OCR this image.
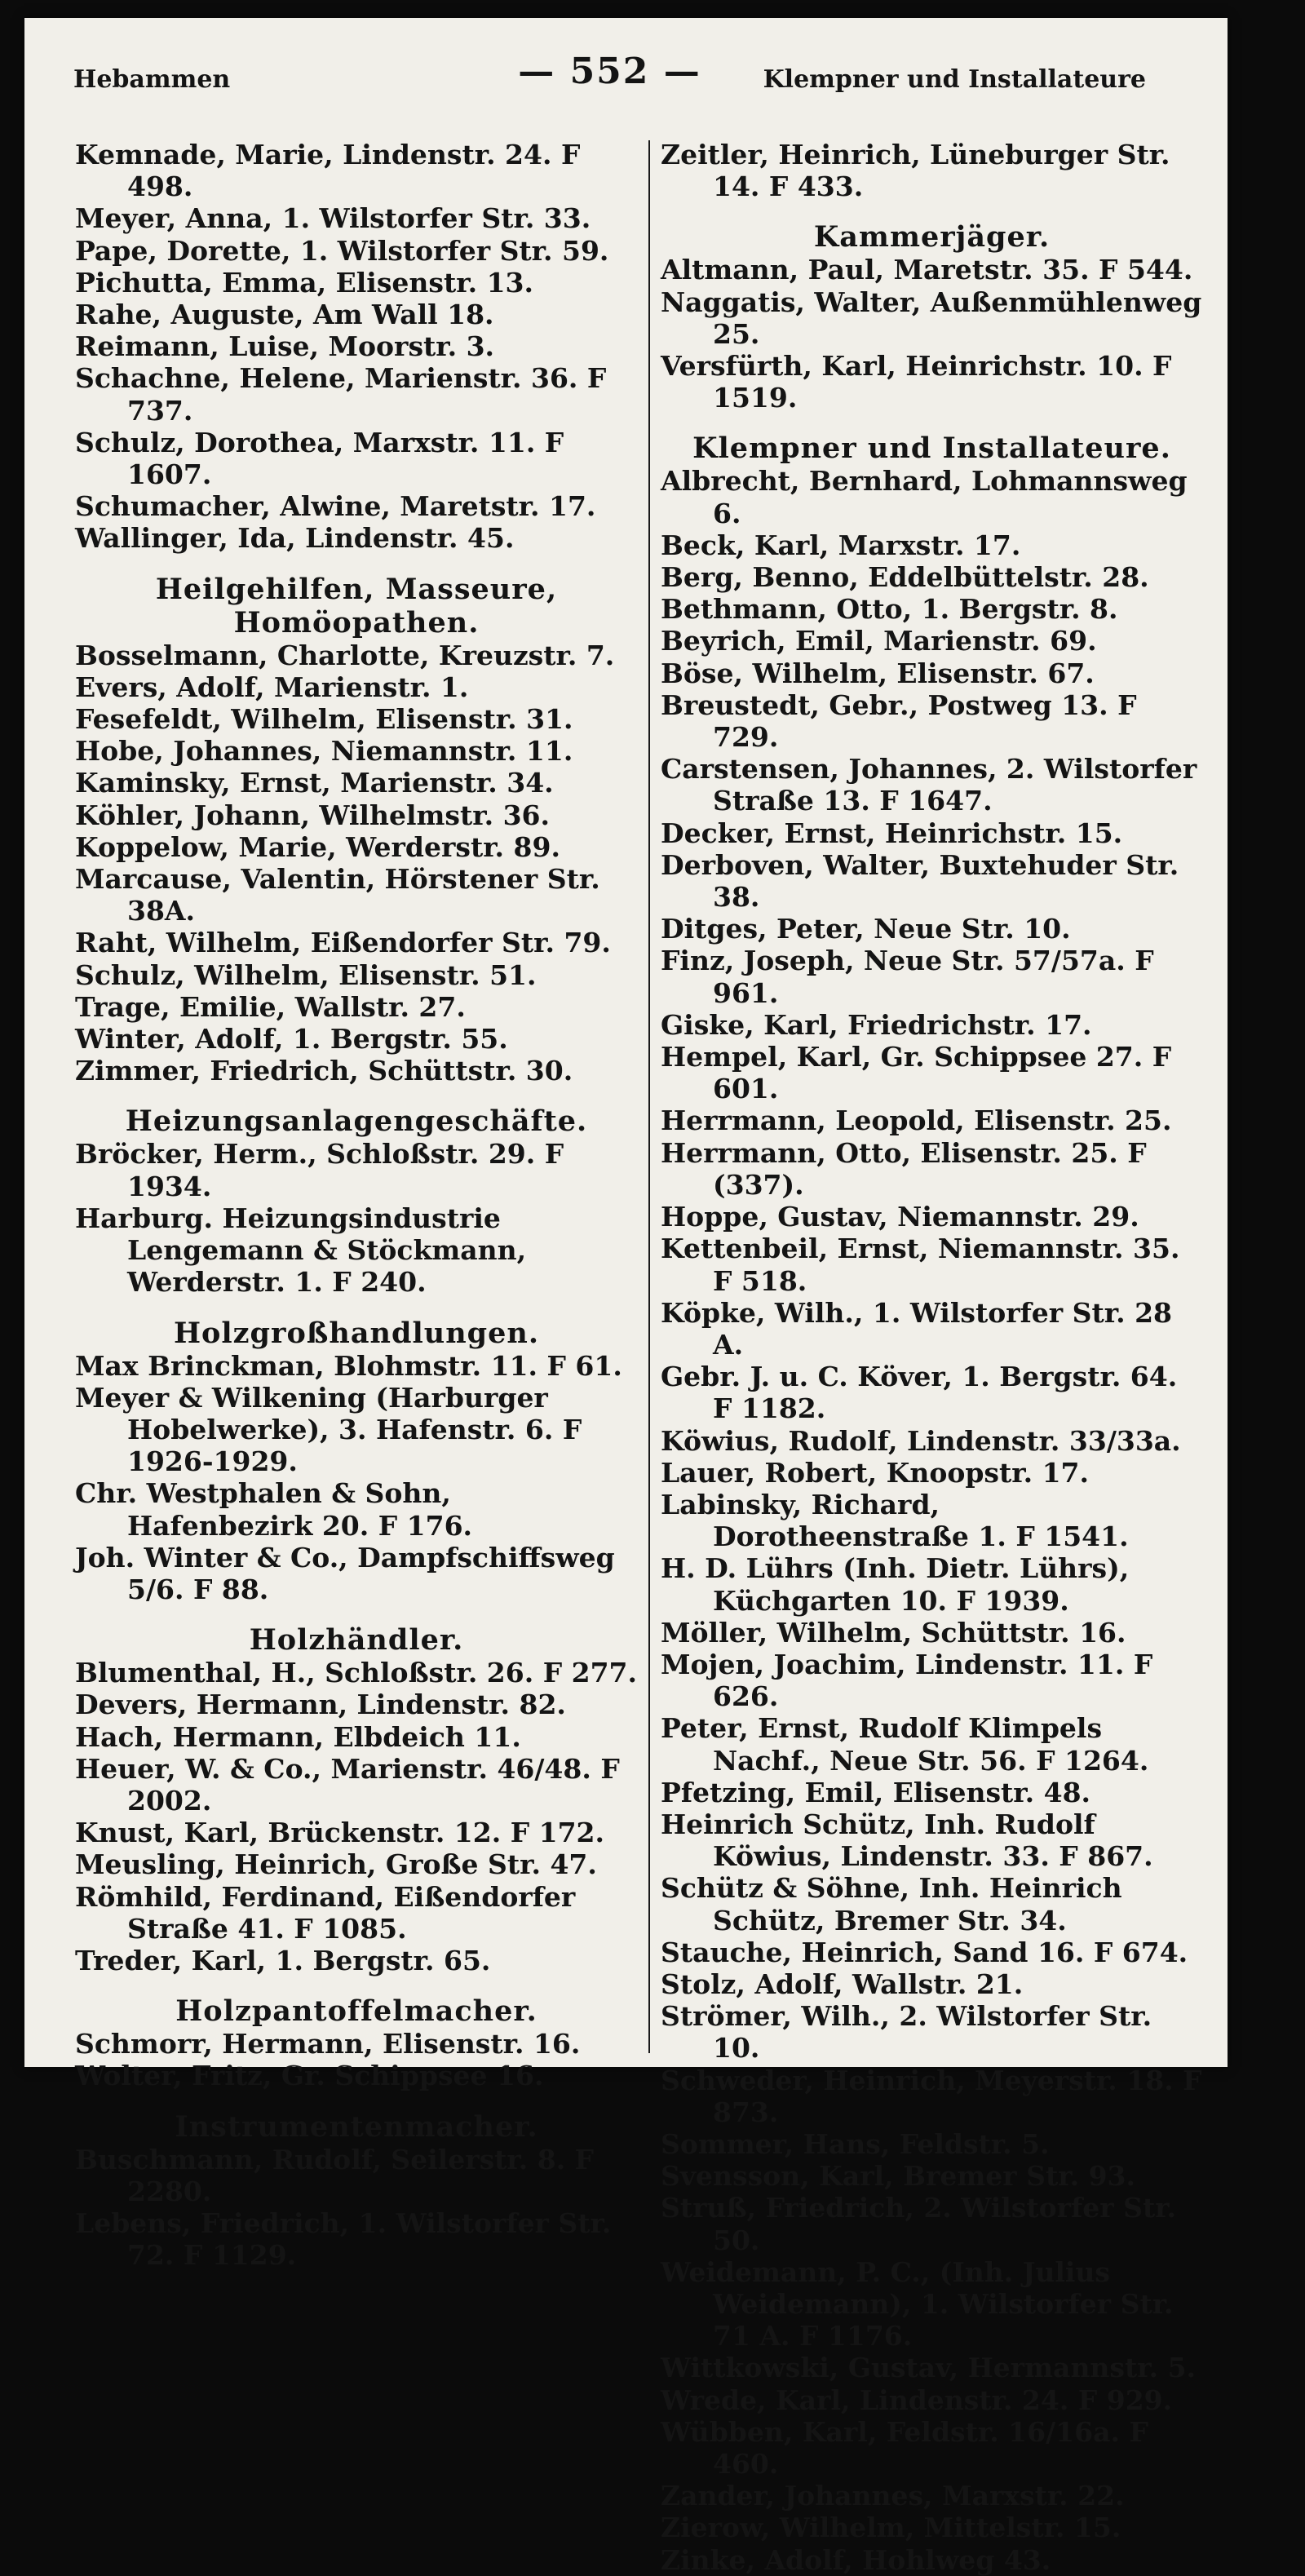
Hebammen	— 552 —	Klempner und Installateure
Kemnade, Marie, Lindenstr. 24. F 498.
Meyer, Anna, 1. Wilstorfer Str. 33.
Pape, Dorette, 1. Wilstorfer Str. 59.
Pichutta, Emma, Elisenstr. 13.
Rahe, Auguste, Am Wall 18.
Reimann, Luise, Moorstr. 3.
Schachne, Helene, Marienstr. 36. F 737.
Schulz, Dorothea, Marxstr. 11. F 1607.
Schumacher, Alwine, Maretstr. 17.
Wallinger, Ida, Lindenstr. 45.
Heilgehilfen, Masseure, Homöopathen.
Bosselmann, Charlotte, Kreuzstr. 7.
Evers, Adolf, Marienstr. 1.
Fesefeldt, Wilhelm, Elisenstr. 31.
Hobe, Johannes, Niemannstr. 11.
Kaminsky, Ernst, Marienstr. 34.
Köhler, Johann, Wilhelmstr. 36.
Koppelow, Marie, Werderstr. 89.
Marcause, Valentin, Hörstener Str. 38A.
Raht, Wilhelm, Eißendorfer Str. 79.
Schulz, Wilhelm, Elisenstr. 51.
Trage, Emilie, Wallstr. 27.
Winter, Adolf, 1. Bergstr. 55.
Zimmer, Friedrich, Schüttstr. 30.
Heizungsanlagengeschäfte.
Bröcker, Herm., Schloßstr. 29. F 1934.
Harburg. Heizungsindustrie Lengemann & Stöckmann, Werderstr. 1. F 240.
Holzgroßhandlungen.
Max Brinckman, Blohmstr. 11. F 61.
Meyer & Wilkening (Harburger Hobelwerke), 3. Hafenstr. 6. F 1926-1929.
Chr. Westphalen & Sohn, Hafenbezirk 20. F 176.
Joh. Winter & Co., Dampfschiffsweg 5/6. F 88.
Holzhändler.
Blumenthal, H., Schloßstr. 26. F 277.
Devers, Hermann, Lindenstr. 82.
Hach, Hermann, Elbdeich 11.
Heuer, W. & Co., Marienstr. 46/48. F 2002.
Knust, Karl, Brückenstr. 12. F 172.
Meusling, Heinrich, Große Str. 47.
Römhild, Ferdinand, Eißendorfer Straße 41. F 1085.
Treder, Karl, 1. Bergstr. 65.
Holzpantoffelmacher.
Schmorr, Hermann, Elisenstr. 16.
Wolter, Fritz, Gr. Schippsee 16.
Instrumentenmacher.
Buschmann, Rudolf, Seilerstr. 8. F 2280.
Lebens, Friedrich, 1. Wilstorfer Str. 72. F 1129.
Zeitler, Heinrich, Lüneburger Str. 14. F 433.
Kammerjäger.
Altmann, Paul, Maretstr. 35. F 544.
Naggatis, Walter, Außenmühlenweg 25.
Versfürth, Karl, Heinrichstr. 10. F 1519.
Klempner und Installateure.
Albrecht, Bernhard, Lohmannsweg 6.
Beck, Karl, Marxstr. 17.
Berg, Benno, Eddelbüttelstr. 28.
Bethmann, Otto, 1. Bergstr. 8.
Beyrich, Emil, Marienstr. 69.
Böse, Wilhelm, Elisenstr. 67.
Breustedt, Gebr., Postweg 13. F 729.
Carstensen, Johannes, 2. Wilstorfer Straße 13. F 1647.
Decker, Ernst, Heinrichstr. 15.
Derboven, Walter, Buxtehuder Str. 38.
Ditges, Peter, Neue Str. 10.
Finz, Joseph, Neue Str. 57/57a. F 961.
Giske, Karl, Friedrichstr. 17.
Hempel, Karl, Gr. Schippsee 27. F 601.
Herrmann, Leopold, Elisenstr. 25.
Herrmann, Otto, Elisenstr. 25. F (337).
Hoppe, Gustav, Niemannstr. 29.
Kettenbeil, Ernst, Niemannstr. 35. F 518.
Köpke, Wilh., 1. Wilstorfer Str. 28 A.
Gebr. J. u. C. Köver, 1. Bergstr. 64. F 1182.
Köwius, Rudolf, Lindenstr. 33/33a.
Lauer, Robert, Knoopstr. 17.
Labinsky, Richard, Dorotheenstraße 1. F 1541.
H. D. Lührs (Inh. Dietr. Lührs), Küchgarten 10. F 1939.
Möller, Wilhelm, Schüttstr. 16.
Mojen, Joachim, Lindenstr. 11. F 626.
Peter, Ernst, Rudolf Klimpels Nachf., Neue Str. 56. F 1264.
Pfetzing, Emil, Elisenstr. 48.
Heinrich Schütz, Inh. Rudolf Köwius, Lindenstr. 33. F 867.
Schütz & Söhne, Inh. Heinrich Schütz, Bremer Str. 34.
Stauche, Heinrich, Sand 16. F 674.
Stolz, Adolf, Wallstr. 21.
Strömer, Wilh., 2. Wilstorfer Str. 10.
Schweder, Heinrich, Meyerstr. 18. F 873.
Sommer, Hans, Feldstr. 5.
Svensson, Karl, Bremer Str. 93.
Struß, Friedrich, 2. Wilstorfer Str. 50.
Weidemann, P. C., (Inh. Julius Weidemann), 1. Wilstorfer Str. 71 A. F 1176.
Wittkowski, Gustav, Hermannstr. 5.
Wrede, Karl, Lindenstr. 24. F 929.
Wübben, Karl, Feldstr. 16/16a. F 460.
Zander, Johannes, Marxstr. 22.
Zierow, Wilhelm, Mittelstr. 15.
Zinke, Adolf, Hohlweg 43.
